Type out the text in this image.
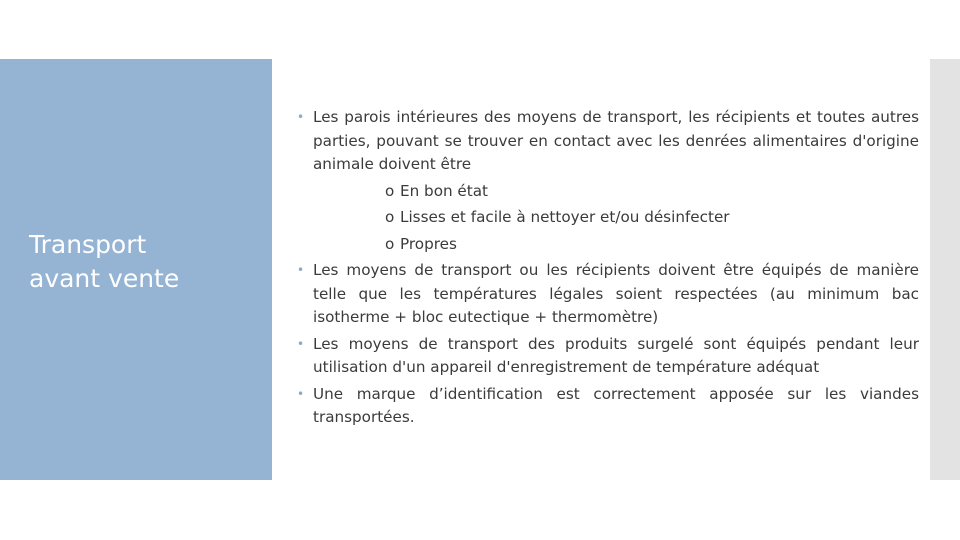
Transport
avant vente
• Les parois intérieures des moyens de transport, les récipients et toutes autres parties, pouvant se trouver en contact avec les denrées alimentaires d'origine animale doivent être
o En bon état
o Lisses et facile à nettoyer et/ou désinfecter
o Propres
• Les moyens de transport ou les récipients doivent être équipés de manière telle que les températures légales soient respectées (au minimum bac isotherme + bloc eutectique + thermomètre)
• Les moyens de transport des produits surgelé sont équipés pendant leur utilisation d'un appareil d'enregistrement de température adéquat
• Une marque d’identification est correctement apposée sur les viandes transportées.
